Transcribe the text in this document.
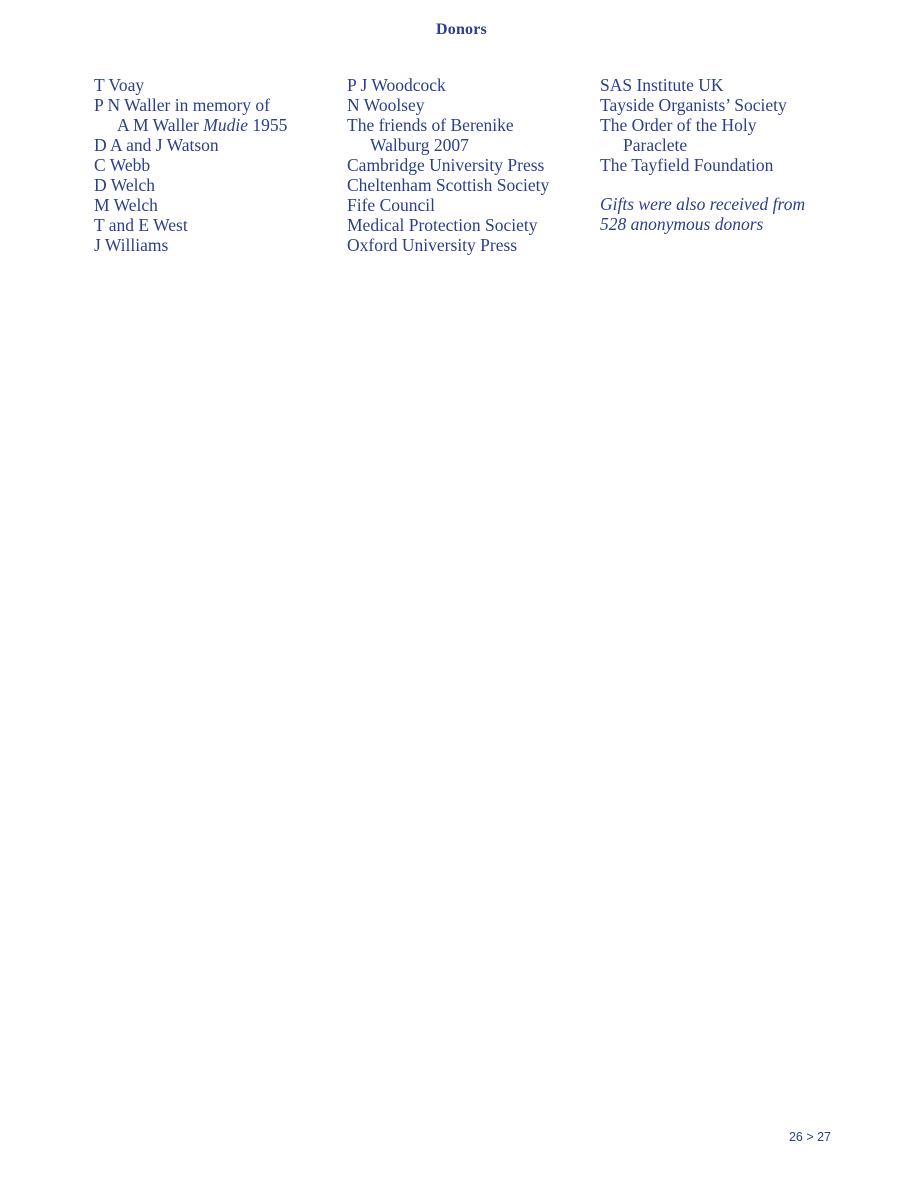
Donors
T Voay
P N Waller in memory of
A M Waller Mudie 1955
D A and J Watson
C Webb
D Welch
M Welch
T and E West
J Williams
P J Woodcock
N Woolsey
The friends of Berenike
Walburg 2007
Cambridge University Press
Cheltenham Scottish Society
Fife Council
Medical Protection Society
Oxford University Press
SAS Institute UK
Tayside Organists’ Society
The Order of the Holy
Paraclete
The Tayfield Foundation
Gifts were also received from 528 anonymous donors
26 > 27
